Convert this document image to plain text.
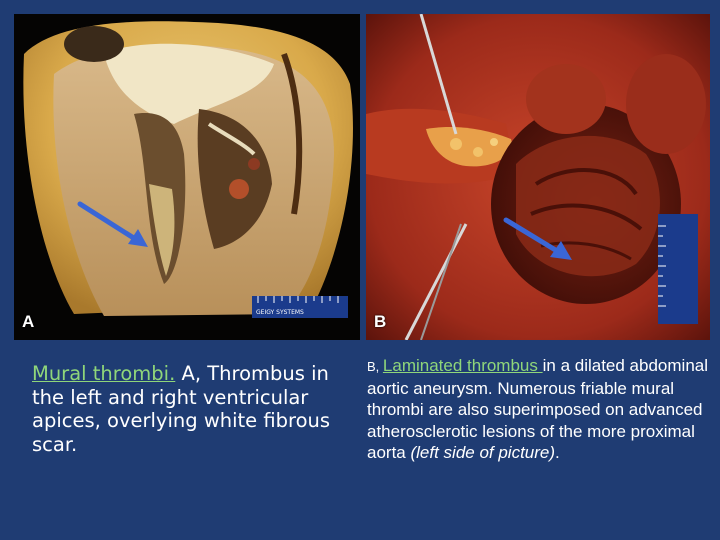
GEIGY SYSTEMS
A	B
Mural thrombi. A, Thrombus in the left and right ventricular apices, overlying white fibrous scar.
B, Laminated thrombus in a dilated abdominal aortic aneurysm. Numerous friable mural thrombi are also superimposed on advanced atherosclerotic lesions of the more proximal aorta (left side of picture).
